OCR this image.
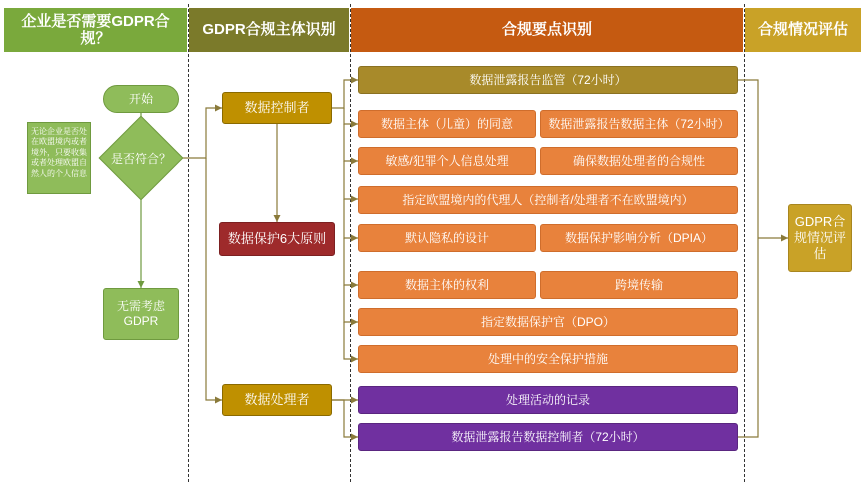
企业是否需要GDPR合规？
GDPR合规主体识别	合规要点识别	合规情况评估
开始
无论企业是否处在欧盟境内或者境外，只要收集或者处理欧盟自然人的个人信息
是否符合？
无需考虑GDPR
数据控制者
数据保护6大原则
数据处理者
数据泄露报告监管（72小时）
数据主体（儿童）的同意	数据泄露报告数据主体（72小时）
敏感/犯罪个人信息处理	确保数据处理者的合规性
指定欧盟境内的代理人（控制者/处理者不在欧盟境内）
默认隐私的设计	数据保护影响分析（DPIA）
数据主体的权利	跨境传输
指定数据保护官（DPO）
处理中的安全保护措施
处理活动的记录
数据泄露报告数据控制者（72小时）
GDPR合规情况评估
